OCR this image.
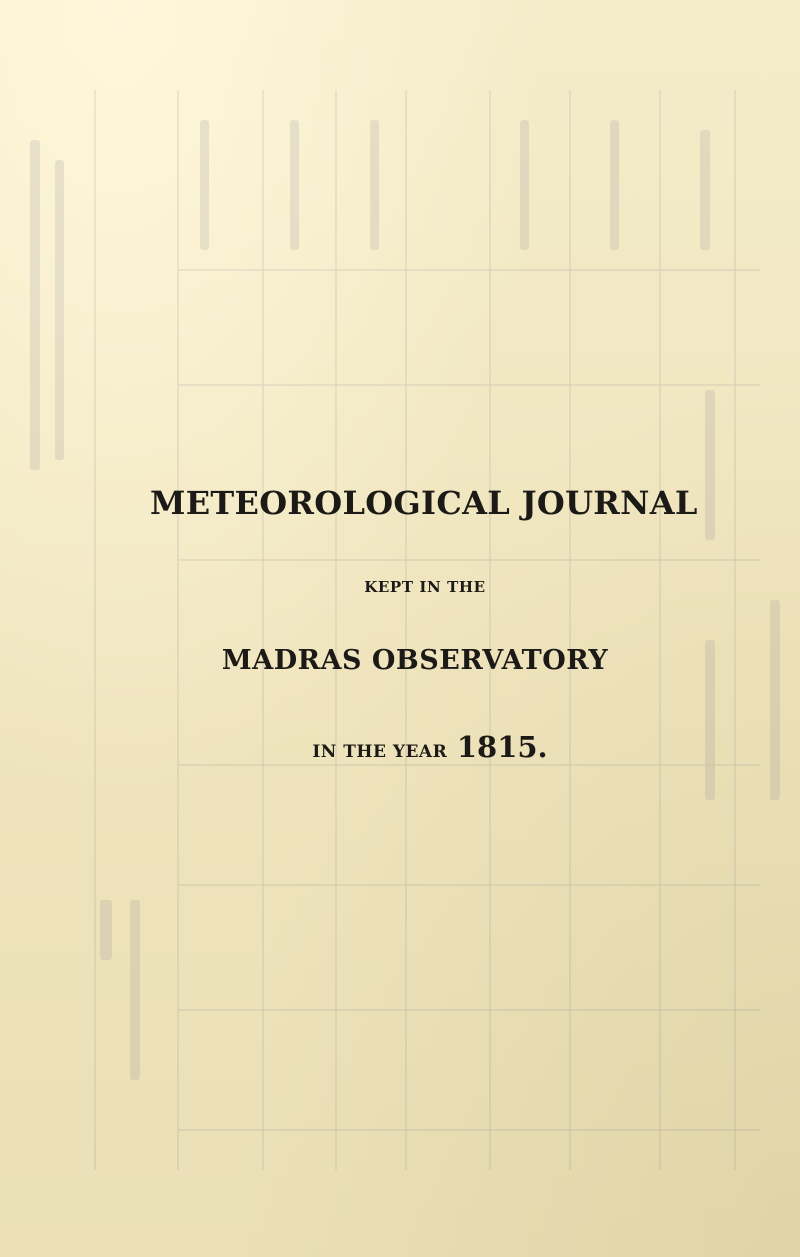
METEOROLOGICAL JOURNAL
KEPT IN THE
MADRAS OBSERVATORY
IN THE YEAR 1815.
